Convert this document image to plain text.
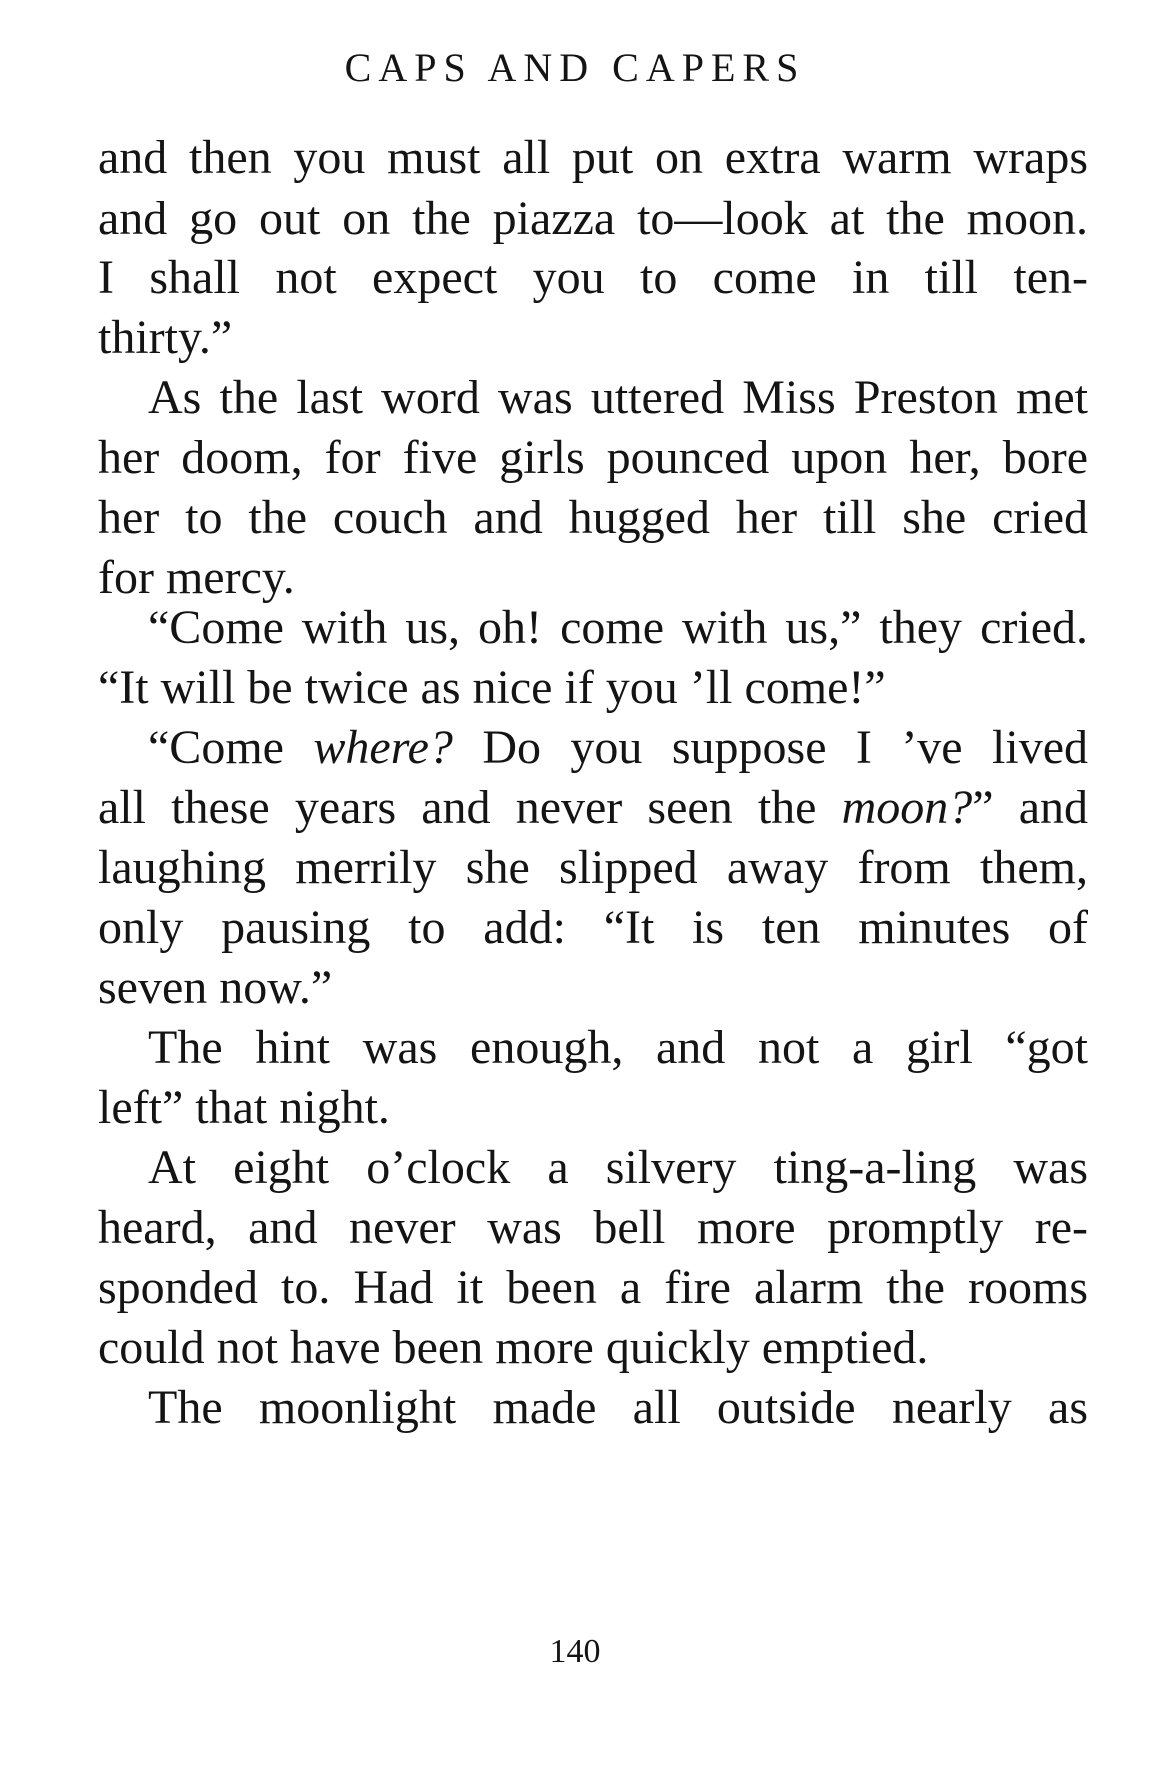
CAPS AND CAPERS
and then you must all put on extra warm wraps
and go out on the piazza to—look at the moon.
I shall not expect you to come in till ten-
thirty.”
As the last word was uttered Miss Preston met
her doom, for five girls pounced upon her, bore
her to the couch and hugged her till she cried
for mercy.
“Come with us, oh! come with us,” they cried.
“It will be twice as nice if you ’ll come!”
“Come where? Do you suppose I ’ve lived
all these years and never seen the moon?” and
laughing merrily she slipped away from them,
only pausing to add: “It is ten minutes of
seven now.”
The hint was enough, and not a girl “got
left” that night.
At eight o’clock a silvery ting-a-ling was
heard, and never was bell more promptly re-
sponded to. Had it been a fire alarm the rooms
could not have been more quickly emptied.
The moonlight made all outside nearly as
140
